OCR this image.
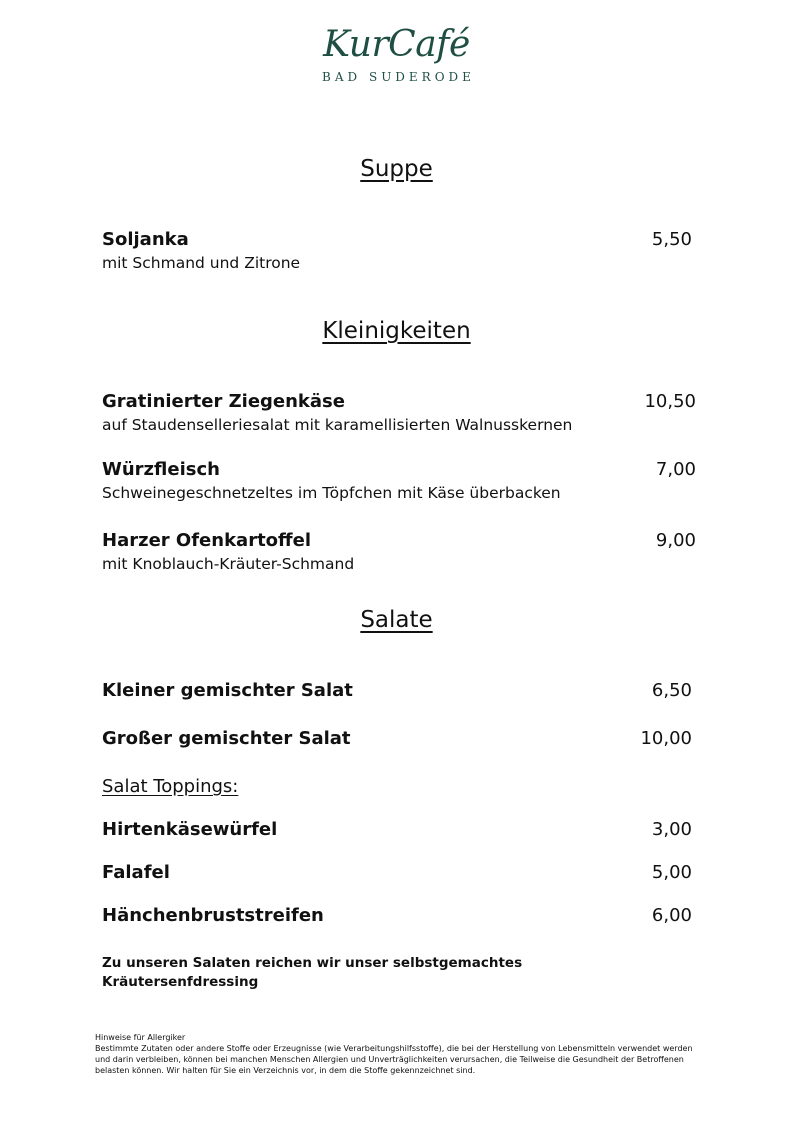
KurCafé
BAD SUDERODE
Suppe
Soljanka	5,50
mit Schmand und Zitrone
Kleinigkeiten
Gratinierter Ziegenkäse	10,50
auf Staudenselleriesalat mit karamellisierten Walnusskernen
Würzfleisch	7,00
Schweinegeschnetzeltes im Töpfchen mit Käse überbacken
Harzer Ofenkartoffel	9,00
mit Knoblauch-Kräuter-Schmand
Salate
Kleiner gemischter Salat	6,50
Großer gemischter Salat	10,00
Salat Toppings:
Hirtenkäsewürfel	3,00
Falafel	5,00
Hänchenbruststreifen	6,00
Zu unseren Salaten reichen wir unser selbstgemachtes Kräutersenfdressing
Hinweise für Allergiker
Bestimmte Zutaten oder andere Stoffe oder Erzeugnisse (wie Verarbeitungshilfsstoffe), die bei der Herstellung von Lebensmitteln verwendet werden und darin verbleiben, können bei manchen Menschen Allergien und Unverträglichkeiten verursachen, die Teilweise die Gesundheit der Betroffenen belasten können. Wir halten für Sie ein Verzeichnis vor, in dem die Stoffe gekennzeichnet sind.
